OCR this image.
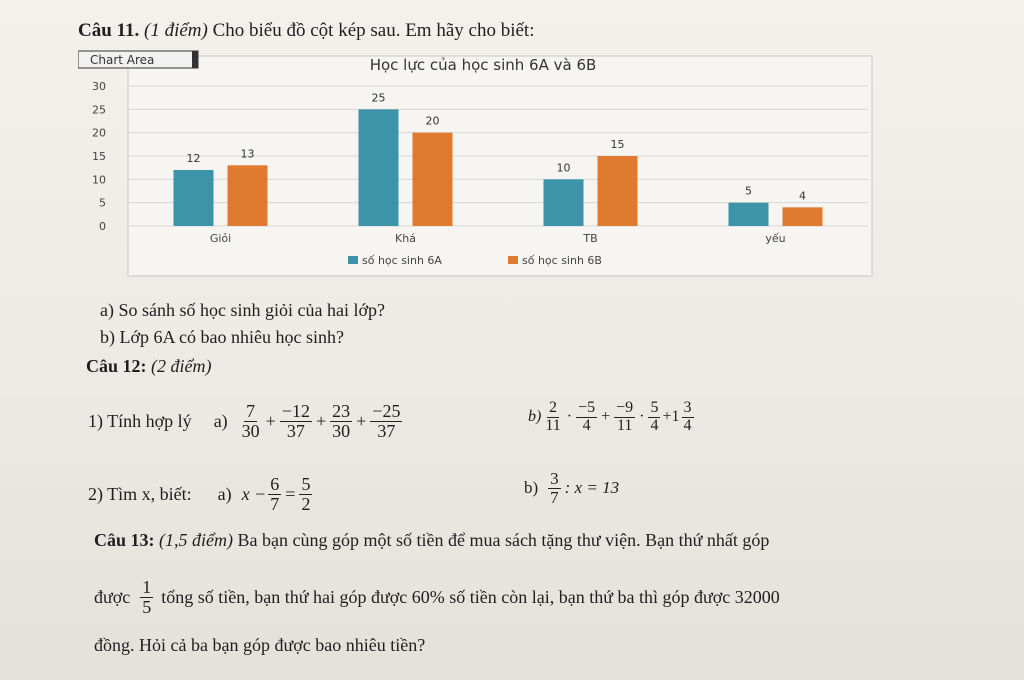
Câu 11. (1 điểm) Cho biểu đồ cột kép sau. Em hãy cho biết:
Chart Area	Học lực của học sinh 6A và 6B
0
5
10
15
20
25
30
12	13
25
20
10
15
5	4
Giỏi	Khá	TB	yếu
số học sinh 6A	số học sinh 6B
a) So sánh số học sinh giỏi của hai lớp?
b) Lớp 6A có bao nhiêu học sinh?
Câu 12: (2 điểm)
1) Tính hợp lý $a) \frac{7}{30} + \frac{-12}{37} + \frac{23}{30} + \frac{-25}{37}$	$b) \frac{2}{11} \cdot \frac{-5}{4} + \frac{-9}{11} \cdot \frac{5}{4} +1 \frac{3}{4}$
2) Tìm x, biết: a) $x - \frac{6}{7} = \frac{5}{2}$	$b) \frac{3}{7}$ : x = 13
Câu 13: (1,5 điểm) Ba bạn cùng góp một số tiền để mua sách tặng thư viện. Bạn thứ nhất góp
được $\frac{1}{5}$ tổng số tiền, bạn thứ hai góp được 60% số tiền còn lại, bạn thứ ba thì góp được 32000
đồng. Hỏi cả ba bạn góp được bao nhiêu tiền?
